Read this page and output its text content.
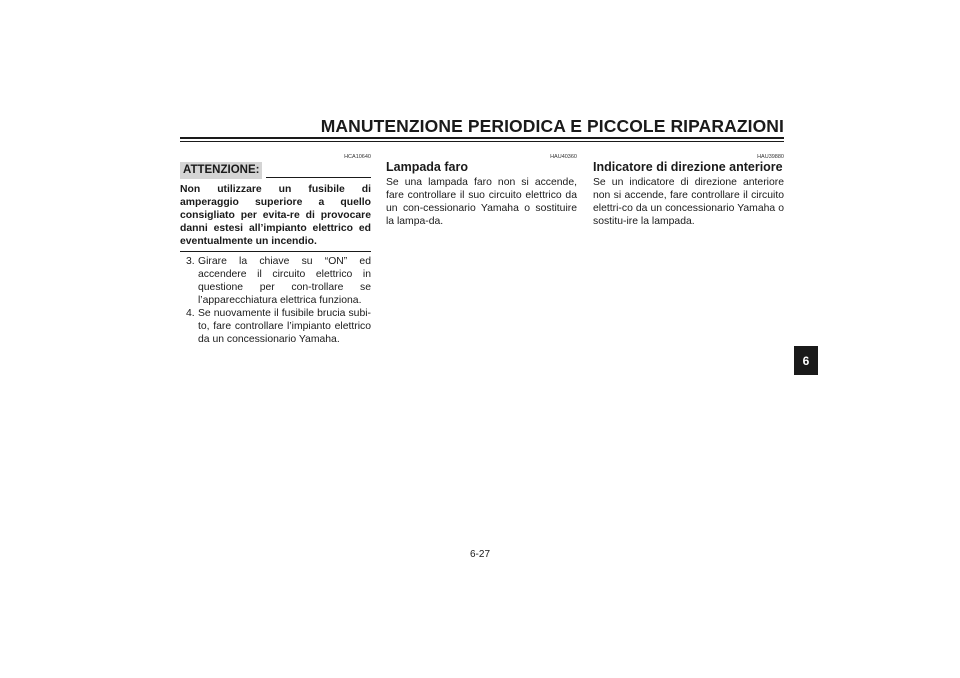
MANUTENZIONE PERIODICA E PICCOLE RIPARAZIONI
HCA10640
ATTENZIONE:

Non utilizzare un fusibile di amperaggio superiore a quello consigliato per evita-re di provocare danni estesi all’impianto elettrico ed eventualmente un incendio.

3. Girare la chiave su “ON” ed accendere il circuito elettrico in questione per con-trollare se l’apparecchiatura elettrica funziona.
4. Se nuovamente il fusibile brucia subi-to, fare controllare l’impianto elettrico da un concessionario Yamaha.
HAU40360
Lampada faro

Se una lampada faro non si accende, fare controllare il suo circuito elettrico da un con-cessionario Yamaha o sostituire la lampa-da.

HAU39880
Indicatore di direzione anteriore

Se un indicatore di direzione anteriore non si accende, fare controllare il circuito elettri-co da un concessionario Yamaha o sostitu-ire la lampada.

6
6-27
